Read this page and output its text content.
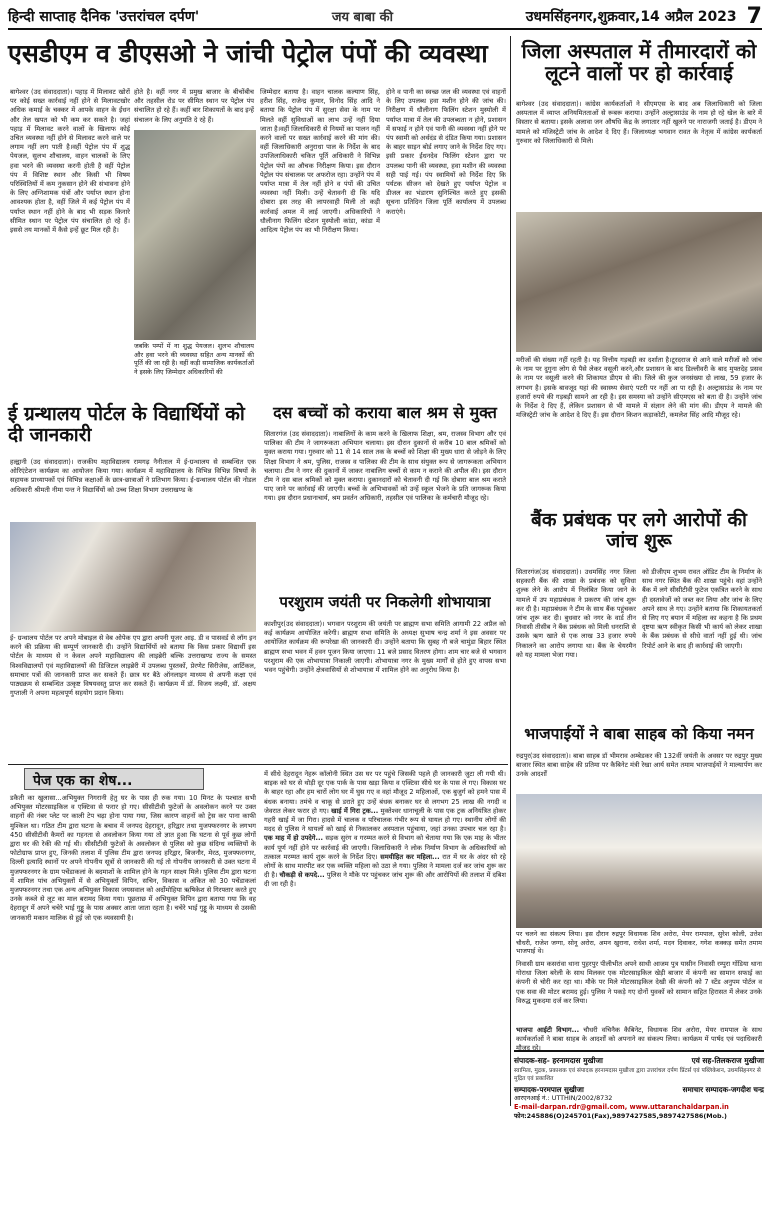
हिन्दी साप्ताह दैनिक 'उत्तरांचल दर्पण'	जय बाबा की	उधमसिंहनगर,शुक्रवार,14 अप्रैल 2023 7
एसडीएम व डीएसओ ने जांची पेट्रोल पंपों की व्यवस्था
बागेश्वर (उद संवाददाता)। पहाड़ में मिलावट खोरों पर कोई सख्त कार्रवाई नहीं होने से मिलावटखोर अधिक कमाई के चक्कर में आपके वाहन के ईंधन और तेल खपत को भी कम कर सकते है। जहां पहाड़ में मिलावट करने वालों के खिलाफ कोई उचित व्यवस्था नहीं होने से मिलावट करने वाले पर लगाम नहीं लग पाती है।वहीं पेट्रोल पंप में शुद्ध पेयजल, सुलभ शौचालय, वाहन चालकों के लिए हवा भरने की व्यवस्था करनी होती है वहीं पेट्रोल पंप में विशिष्ट स्थान और किसी भी विषम परिस्थितियों में कम नुकसान होने की संभावना होने के लिए अग्निशामक यंत्रों और पर्याप्त स्थान होना आवश्यक होता है, वहीं जिले में कई पेट्रोल पंप में पर्याप्त स्थान नहीं होने के बाद भी सड़क किनारे सीमित स्थान पर पेट्रोल पंप संचालित हो रहे हैं। इससे तय मानकों में कैसे इन्हें छूट मिल रही है।
होते है। वहीं नगर में प्रमुख बाजार के बीचोंबीच और तहसील रोड पर सीमित स्थान पर पेट्रोल पंप संचालित हो रहे हैं। कहीं बार शिकायतों के बाद इन्हें संचालन के लिए अनुमति दे रहे हैं।
जबकि पम्पों में ना शुद्ध पेयजल। शुलभ शौचालय और हवा भरने की व्यवस्था सहित अन्य मानकों की पूर्ति की जा रही है। वहीं कड़ी सामाजिक कार्यकर्ताओं ने इसके लिए जिम्मेदार अधिकारियों की
जिम्मेदार बताया है। वाहन चालक कल्याण सिंह, हरीश सिंह, राजेन्द्र कुमार, विनोद सिंह आदि ने बताया कि पेट्रोल पंप में सुरक्षा सेवा के नाम पर मिलते वहीं सुविधाओं का लाभ उन्हें नहीं दिया जाता है।वहीं जिलाधिकारी से नियमों का पालन नहीं करने वालों पर सख्त कार्रवाई करने की मांग की।वहीं जिलाधिकारी अनुराधा पाल के निर्देश के बाद उपजिलाधिकारी चकित पूर्ति अधिकारी ने विभिन्न पेट्रोल पंपों का औचक निरीक्षण किया। इस दौरान पेट्रोल पंप संचालक पर अफरोज रहा। उन्होंने पंप में पर्याप्त मात्रा में तेल नहीं होने व पंपों की उचित व्यवस्था नहीं मिली। उन्हें चेतावनी दी कि यदि दोबारा इस तरह की लापरवाही मिली तो कड़ी कार्रवाई अमल में लाई जाएगी। अधिकारियों ने धौलीनाग फिलिंग स्टेशन मुस्योली कांडा, कांडा में आदित्य पेट्रोल पंप का भी निरीक्षण किया।
होने व पानी का स्वच्छ जल की व्यवस्था एवं वाहनों के लिए उपलब्ध हवा मशीन होने की जांच की। निरीक्षण में धौलीनाग फिलिंग स्टेशन मुस्योली में पर्याप्त मात्रा में तेल की उपलब्धता न होने, प्रशासन में सफाई न होने एवं पानी की व्यवस्था नहीं होने पर पंप स्वामी को अर्थदंड से दंडित किया गया। प्रशासन के बाहर साइन बोर्ड लगाए जाने के निर्देश दिए गए। इसी प्रकार ईंधनदेव फिलिंग स्टेशन द्वारा पर उपलब्ध पानी की व्यवस्था, हवा मशीन की व्यवस्था सही पाई गई। पंप स्वामियों को निर्देश दिए कि पर्यटक सीजन को देखते हुए पर्याप्त पेट्रोल व डीजल का भंडारण सुनिश्चित करते हुए इसकी सूचना प्रतिदिन जिला पूर्ति कार्यालय में उपलब्ध कराएंगे।
जिला अस्पताल में तीमारदारों को लूटने वालों पर हो कार्रवाई
बागेश्वर (उद संवाददाता)। कांग्रेस कार्यकर्ताओं ने सीएमएस के बाद अब जिलाधिकारी को जिला अस्पताल में व्याप्त अनियमितताओं से रूबरू कराया। उन्होंने अल्ट्रासाउंड के नाम हो रहे खेल के बारे में विस्तार से बताया। इसके अलावा जन औषधि केंद्र के लगातार नहीं खुलने पर नाराजगी जताई है। डीएम ने मामले को मजिस्ट्रेटी जांच के आदेश दे दिए हैं। जिलाध्यक्ष भगवान रावत के नेतृत्व में कांग्रेस कार्यकर्ता गुरुवार को जिलाधिकारी से मिले।
मरीजों की संख्या नहीं रहती है। यह वित्तीय गड़बड़ी का दर्शाता है।टूरदराज से आने वाले मरीजों को जांच के नाम पर दुगुना लोग से पैसे लेकर वसूली करने,और प्रशासन के बाद डिल्लीवरी के बाद मुफ्तदेह प्रसव के नाम पर वसूली करने की शिकायत डीएम से की। जिले की कुल जनसंख्या दो लाख, 59 हजार के लगभग है। इसके बावजूद यहां की स्वास्थ्य सेवाएं पटरी पर नहीं आ पा रही है। अल्ट्रासाउंड के नाम पर हजारों रुपये की गड़बड़ी सामने आ रही है। इस समस्या को उन्होंने सीएमएस को बता दी है। उन्होंने जांच के निर्देश दे दिए हैं, लेकिन प्रशासन से भी मामले में संज्ञान लेने की मांग की। डीएम ने मामले की मजिस्ट्रेटी जांच के आदेश दे दिए हैं। इस दौरान किशन कड़ाकोटी, कमलेश सिंह आदि मौजूद रहे।
ई ग्रन्थालय पोर्टल के विद्यार्थियों को दी जानकारी
हल्द्वानी (उद संवाददाता)। राजकीय महाविद्यालय रामगढ़ नैनीताल में ई-ग्रन्थालय से सम्बन्धित एक ओरिएंटेशन कार्यक्रम का आयोजन किया गया। कार्यक्रम में महाविद्यालय के विभिन्न विभिन्न विषयों के सहायक प्राध्यापकों एवं विभिन्न कक्षाओं के छात्र-छात्राओं ने प्रतिभाग किया। ई-ग्रन्थालय पोर्टल की नोडल अधिकारी श्रीमती नीमा पन्त ने विद्यार्थियों को उच्च शिक्षा विभाग उत्तराखण्ड के
ई- ग्रन्थालय पोर्टल पर अपने मोबाइल से वेब ओपेक एप द्वारा अपनी यूजर आइ. डी व पासवर्ड से लॉग इन करने की प्रक्रिया की सम्पूर्ण जानकारी दी। उन्होंने विद्यार्थियों को बताया कि किस प्रकार विद्यार्थी इस पोर्टल के माध्यम से न केवल अपने महाविद्यालय की लाइब्रेरी बल्कि उत्तराखण्ड राज्य के समस्त विश्वविद्यालयों एवं महाविद्यालयों की डिजिटल लाइब्रेरी में उपलब्ध पुस्तकों, प्रेरणेट सिरीजेस, आर्टिकल, समाचार पत्रों की जानकारी प्राप्त कर सकते हैं। छात्र घर बैठे ऑनलाइन माध्यम से अपनी कक्षा एवं पाठ्यक्रम से सम्बन्धित उत्कृष्ट विषयवस्तु प्राप्त कर सकते हैं। कार्यक्रम में डॉ. विजय लक्ष्मी, डॉ. अक्षय गुप्ताली ने अपना महत्वपूर्ण सहयोग प्रदान किया।
दस बच्चों को कराया बाल श्रम से मुक्त
सितारगंज (उद संवाददाता)। नाबालिगों के काम करने के खिलाफ शिक्षा, श्रम, राजस्व विभाग और एवं पालिका की टीम ने जागरूकता अभियान चलाया। इस दौरान दुकानों से करीब 10 बाल श्रमिकों को मुक्त कराया गया। गुरुवार को 11 से 14 साल तक के बच्चों को शिक्षा की मुख्य धारा से जोड़ने के लिए शिक्षा विभाग ने श्रम, पुलिस, राजस्व व पालिका की टीम के साथ संयुक्त रूप से जागरूकता अभियान चलाया। टीम ने नगर की दुकानों में जाकर नाबालिग बच्चों से काम न कराने की अपील की। इस दौरान टीम ने दस बाल श्रमिकों को मुक्त कराया। दुकानदारों को चेतावनी दी गई कि दोबारा बाल श्रम कराते पाए जाने पर कार्रवाई की जाएगी। बच्चों के अभिभावकों को उन्हें स्कूल भेजने के प्रति जागरूक किया गया। इस दौरान प्रधानाचार्य, श्रम प्रवर्तन अधिकारी, तहसील एवं पालिका के कर्मचारी मौजूद रहे।
परशुराम जयंती पर निकलेगी शोभायात्रा
काशीपुर(उद संवाददाता)। भगवान परशुराम की जयंती पर ब्राह्मण सभा समिति आगामी 22 अप्रैल को कई कार्यक्रम आयोजित करेगी। ब्राह्मण सभा समिति के अध्यक्ष सुभाष चन्द्र शर्मा ने इस अवसर पर आयोजित कार्यक्रम की रूपरेखा की जानकारी दी। उन्होंने बताया कि सुबह नौ बजे चामुंडा बिहार स्थित ब्राह्मण सभा भवन में हवन पूजन किया जाएगा। 11 बजे प्रसाद वितरण होगा। शाम चार बजे से भगवान परशुराम की एक शोभायात्रा निकाली जाएगी। शोभायात्रा नगर के मुख्य मार्गों से होते हुए वापस सभा भवन पहुंचेगी। उन्होंने क्षेत्रवासियों से शोभायात्रा में शामिल होने का अनुरोध किया है।
बैंक प्रबंधक पर लगे आरोपों की जांच शुरू
सितारगंज(उद संवाददाता)। उधमसिंह नगर जिला सहकारी बैंक की शाखा के प्रबंधक को सुविधा शुल्क लेने के आरोप में निलंबित किया जाने के मामले में उप महाप्रबंधक ने प्रकरण की जांच शुरू कर दी है। महाप्रबंधक ने टीम के साथ बैंक पहुंचकर जांच शुरू कर दी। बुधवार को नगर के वार्ड तीन निवासी तीसीब ने बैंक प्रबंधक को मिली धनराशि से उसके ऋण खाते से एक लाख 33 हजार रुपये निकालने का आरोप लगाया था। बैंक के चेयरमैन को यह मामला भेजा गया।
को डीजीएम शुभम रावत ऑडिट टीम के निर्माण के साथ नगर स्थित बैंक की शाखा पहुंचे। वहां उन्होंने बैंक में लगे सीसीटीवी फुटेज एकत्रित करने के साथ ही दस्तावेजों को जब्त कर लिया और जांच के लिए अपने साथ ले गए। उन्होंने बताया कि शिकायतकर्ता से लिए गए बयान में महिला का कहना है कि प्रथम दृष्टया ऋण स्वीकृत किसी भी कार्य को लेकर शाखा के बैंक प्रबंधक से सीधे वार्ता नहीं हुई थी। जांच रिपोर्ट आने के बाद ही कार्रवाई की जाएगी।
पेज एक का शेष...
डकैती का खुलासा...अभियुक्त निगरानी हेतु घर के पास ही रुक गया। 10 मिनट के पश्चात सभी अभियुक्त मोटरसाइकिल व एक्टिवा से फरार हो गए। सीसीटीवी फुटेजों के अवलोकन करने पर उक्त वाहनों की नंबर प्लेट पर काली टेप चढ़ा होना पाया गया, जिस कारण वाहनों को ट्रेस कर पाना काफी मुश्किल था। गठित टीम द्वारा घटना के बचाव में जनपद देहरादून, हरिद्वार तथा मुजफ्फरनगर के लगभग 450 सीसीटीवी कैमरों का गहनता से अवलोकन किया गया तो ज्ञात हुआ कि घटना से पूर्व कुछ लोगों द्वारा घर की रेकी की गई थी। सीसीटीवी फुटेजों के अवलोकन से पुलिस को कुछ संदिग्ध व्यक्तियों के फोटोग्राफ प्राप्त हुए, जिनकी तलाश में पुलिस टीम द्वारा जनपद हरिद्वार, बिजनौर, मेरठ, मुजफ्फरनगर, दिल्ली इत्यादि स्थानों पर अपने गोपनीय सूत्रों से जानकारी की गई तो गोपनीय जानकारी से उक्त घटना में मुजफ्फरनगर के ग्राम पचेंडाकलां के बदमाशों के शामिल होने के गहन साक्ष्य मिले। पुलिस टीम द्वारा घटना में शामिल पांच अभियुक्तों में से अभियुक्तों विपिन, सचिन, विकास व अंकित को 30 पचेंडाकलां मुजफ्फरनगर तथा एक अन्य अभियुक्त विकास जयसवाल को अर्दोमोहिया ऋषिकेश से गिरफ्तार करते हुए उनके कब्जे से लूट का माल बरामद किया गया। पूछताछ में अभियुक्त विपिन द्वारा बताया गया कि वह देहरादून में अपने चचेरे भाई गुड्डू के पास अक्सर आता जाता रहता है। चचेरे भाई गुड्डू के माध्यम से उसकी जानकारी मकान मालिक से हुई जो एक व्यवसायी है।
में सीधे देहरादून नेहरू कॉलोनी स्थित उस घर पर पहुंचे जिसकी पहले ही जानकारी जुटा ली गयी थी। बाइक को घर से थोड़ी दूर एक पार्क के पास खड़ा किया व एक्टिवा सीधे घर के पास ले गए। विकास घर के बाहर रहा और हम चारों लोग घर में घुस गए व वहां मौजूद 2 महिलाओं, एक बुजुर्ग को हमने पास में बंधक बनाया। तमंचे व चाकू से डराते हुए उन्हें बंधक बनाकर घर से लगभग 25 लाख की नगदी व जेवरात लेकर फरार हो गए। खाई में गिरा ट्रक... मुक्तेश्वर धानाचूली के पास एक ट्रक अनियंत्रित होकर गहरी खाई में जा गिरा। हादसे में चालक व परिचालक गंभीर रूप से घायल हो गए। स्थानीय लोगों की मदद से पुलिस ने घायलों को खाई से निकालकर अस्पताल पहुंचाया, जहां उनका उपचार चल रहा है। एक माह में हो उपदेगे... सड़क सुरंग व गरम्मत करने से विभाग को चेताया गया कि एक माह के भीतर कार्य पूर्ण नहीं होने पर कार्रवाई की जाएगी। जिलाधिकारी ने लोक निर्माण विभाग के अधिकारियों को तत्काल मरम्मत कार्य शुरू करने के निर्देश दिए। समयीहित कर महिला... रात में घर के अंदर सो रहे लोगों के साथ मारपीट कर एक व्यक्ति महिला को उठा ले गया। पुलिस ने मामला दर्ज कर जांच शुरू कर दी है। चौकड़ी से कपदे... पुलिस ने मौके पर पहुंचकर जांच शुरू की और आरोपियों की तलाश में दबिश दी जा रही है।
भाजपाईयों ने बाबा साहब को किया नमन
रुद्रपुर(उद संवाददाता)। बाबा साहब डॉ भीमराव अम्बेडकर की 132वीं जयंती के अवसर पर रुद्रपुर मुख्य बाजार स्थित बाबा साहेब की प्रतिमा पर कैबिनेट मंत्री रेखा आर्य समेत तमाम भाजपाईयों ने माल्यार्पण कर उनके आदर्शों
पर चलने का संकल्प लिया। इस दौरान रुद्रपुर विधायक शिव अरोरा, मेयर रामपाल, सुरेश कोली, उत्तेश चौधरी, राजेश जग्गा, सोनू अरोरा, अमन खुराना, राधेश शर्मा, मदन दिवाकर, गगेश कक्कड़ समेत तमाम भाजपाई थे।
निवासी ग्राम कसरांवा थाना पुहरपुर पीलीभीत अपने साथी आजम पुत्र यासीन निवासी रम्पुरा गोंडिया थाना गोराधा जिला बरेली के साथ मिलकर एक मोटरसाइकिल खेड़ी बाजार में कंपनी का सामान सफाई का कंपनी से चोरी कर रहा था। मौके पर मिले मोटरसाइकिल देखी की कंपनी को 7 स्टेंड अनुपम पोर्टल व एक सवा की मोटर बरामद हुई। पुलिस ने पकड़े गए दोनों युवकों को सामान सहित हिरासत में लेकर उनके विरुद्ध मुकदमा दर्ज कर लिया।
भाजपा आईटी विभाग... चौधरी वचिनैक कैबिनेट, विधायक शिव अरोरा, मेयर रामपाल के साथ कार्यकर्ताओं ने बाबा साहब के आदर्शों को अपनाने का संकल्प लिया। कार्यक्रम में पार्षद एवं पदाधिकारी मौजूद रहे।
संपादक-सह- हरनामदास मुखीजा	एवं सह-तिलकराज मुखीजा
स्वामित्व, मुद्रक, प्रकाशक एवं संपादक हरनामदास मुखीजा द्वारा उत्तरांचल दर्पण प्रिंटर्स एवं पब्लिकेशन, उधमसिंहनगर से मुद्रित एवं प्रकाशित
सम्पादक-परमपाल सुखीजा	समाचार सम्पादक-जगदीश चन्द्र
आरएनआई नं.: UTTHIN/2002/8732
E-mail-darpan.rdr@gmail.com, www.uttaranchaldarpan.in
फोन:245886(O)245701(Fax),9897427585,9897427586(Mob.)
